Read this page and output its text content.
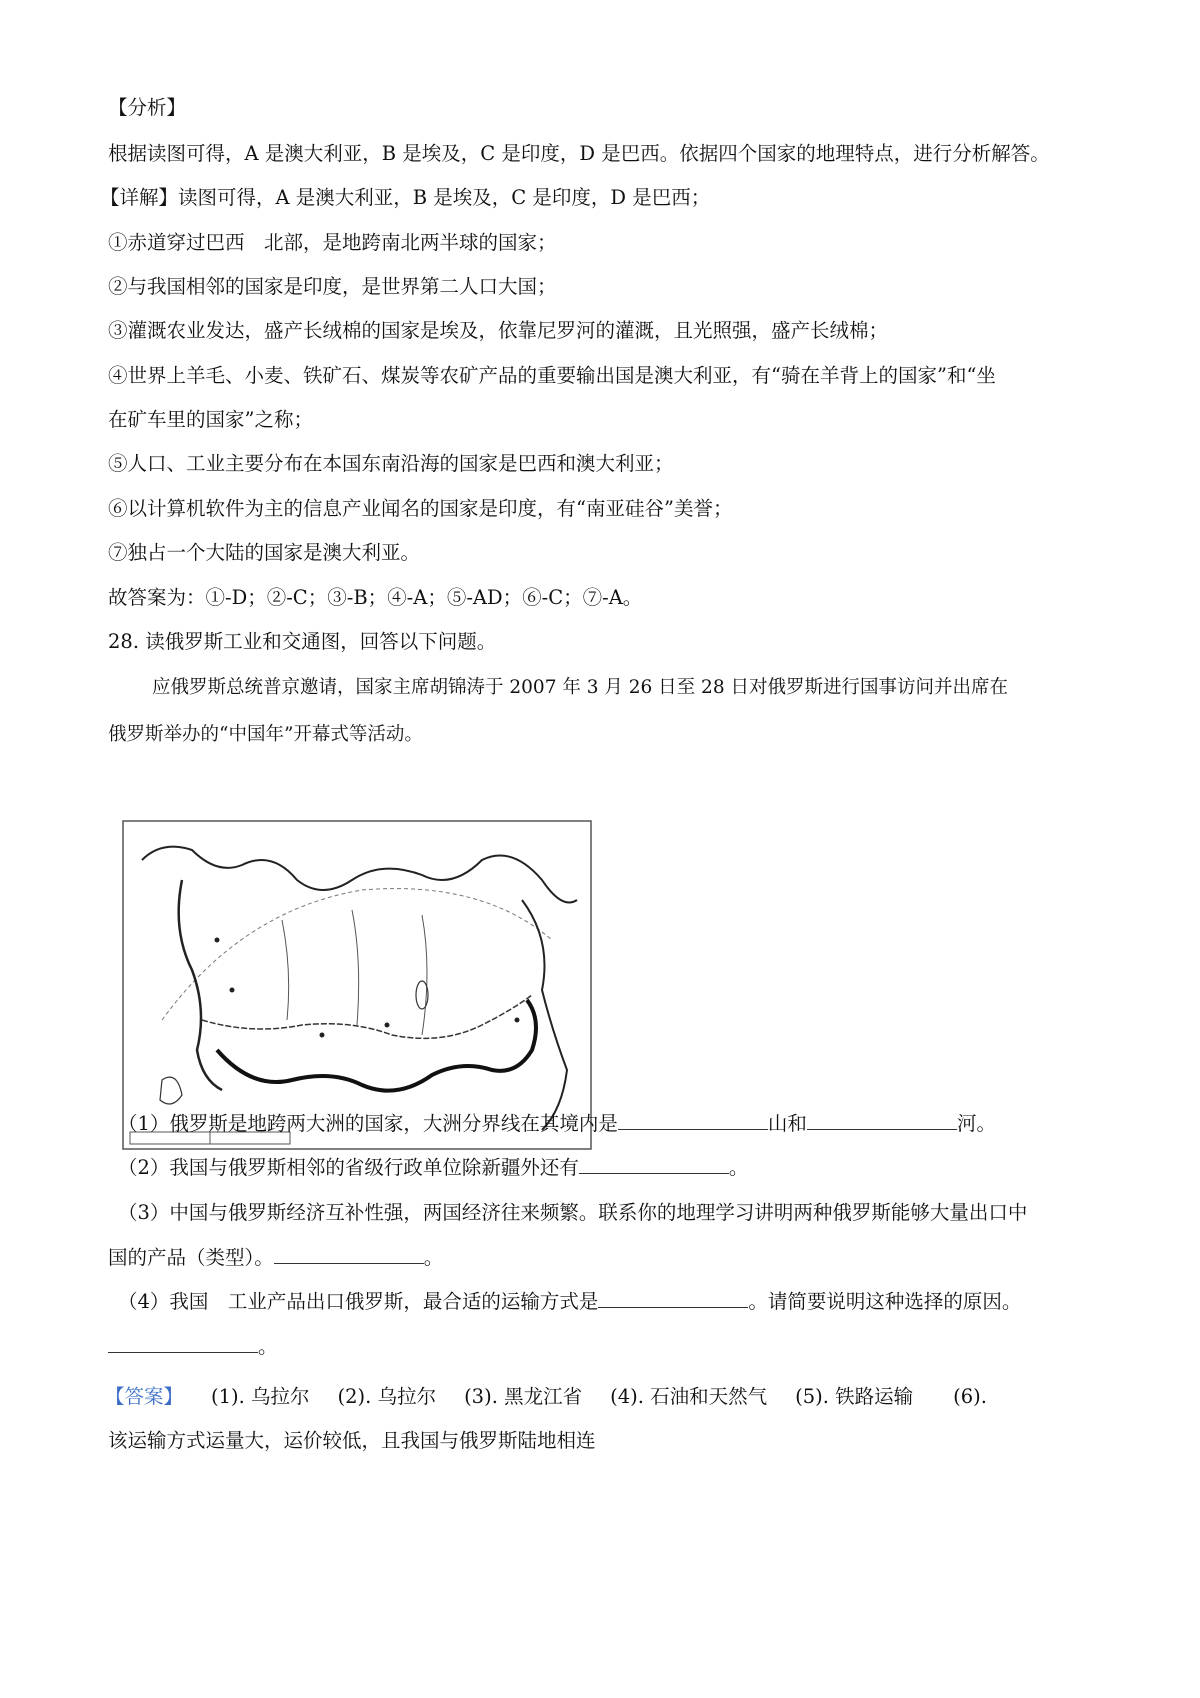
【分析】
根据读图可得，A 是澳大利亚，B 是埃及，C 是印度，D 是巴西。依据四个国家的地理特点，进行分析解答。
【详解】读图可得，A 是澳大利亚，B 是埃及，C 是印度，D 是巴西；
①赤道穿过巴西　北部，是地跨南北两半球的国家；
②与我国相邻的国家是印度，是世界第二人口大国；
③灌溉农业发达，盛产长绒棉的国家是埃及，依靠尼罗河的灌溉，且光照强，盛产长绒棉；
④世界上羊毛、小麦、铁矿石、煤炭等农矿产品的重要输出国是澳大利亚，有“骑在羊背上的国家”和“坐
在矿车里的国家”之称；
⑤人口、工业主要分布在本国东南沿海的国家是巴西和澳大利亚；
⑥以计算机软件为主的信息产业闻名的国家是印度，有“南亚硅谷”美誉；
⑦独占一个大陆的国家是澳大利亚。
故答案为：①-D；②-C；③-B；④-A；⑤-AD；⑥-C；⑦-A。
28. 读俄罗斯工业和交通图，回答以下问题。
应俄罗斯总统普京邀请，国家主席胡锦涛于 2007 年 3 月 26 日至 28 日对俄罗斯进行国事访问并出席在
俄罗斯举办的“中国年”开幕式等活动。
（1）俄罗斯是地跨两大洲的国家，大洲分界线在其境内是	山和	河。
（2）我国与俄罗斯相邻的省级行政单位除新疆外还有	。
（3）中国与俄罗斯经济互补性强，两国经济往来频繁。联系你的地理学习讲明两种俄罗斯能够大量出口中
国的产品（类型）。	。
（4）我国　工业产品出口俄罗斯，最合适的运输方式是	。请简要说明这种选择的原因。
。
【答案】 (1). 乌拉尔 (2). 乌拉尔 (3). 黑龙江省 (4). 石油和天然气 (5). 铁路运输 (6).
该运输方式运量大，运价较低，且我国与俄罗斯陆地相连
